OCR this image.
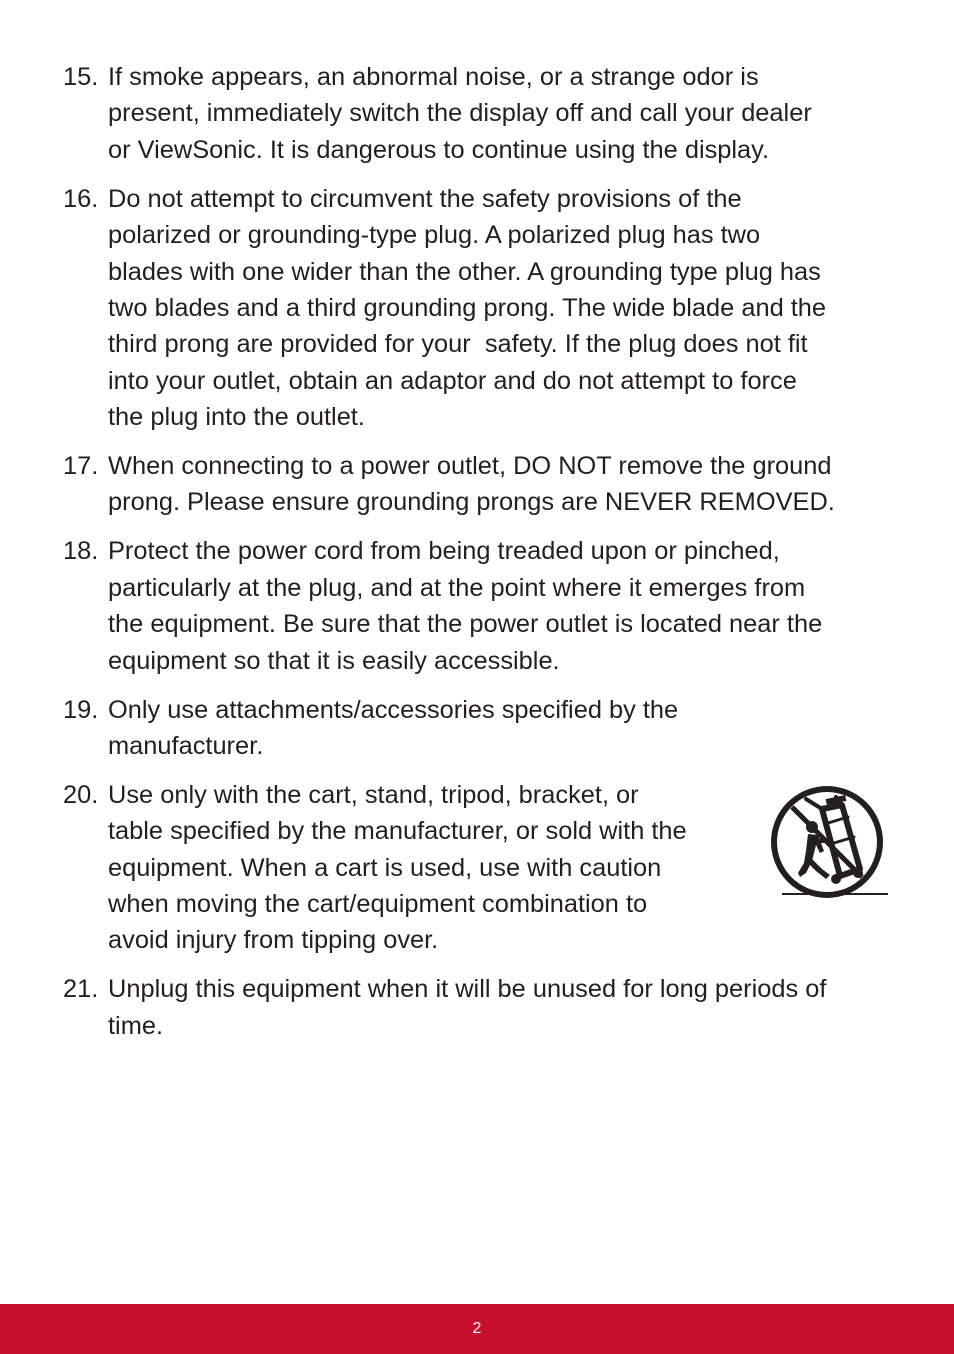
15. If smoke appears, an abnormal noise, or a strange odor is
present, immediately switch the display off and call your dealer
or ViewSonic. It is dangerous to continue using the display.
16. Do not attempt to circumvent the safety provisions of the
polarized or grounding-type plug. A polarized plug has two
blades with one wider than the other. A grounding type plug has
two blades and a third grounding prong. The wide blade and the
third prong are provided for your  safety. If the plug does not fit
into your outlet, obtain an adaptor and do not attempt to force
the plug into the outlet.
17. When connecting to a power outlet, DO NOT remove the ground
prong. Please ensure grounding prongs are NEVER REMOVED.
18. Protect the power cord from being treaded upon or pinched,
particularly at the plug, and at the point where it emerges from
the equipment. Be sure that the power outlet is located near the
equipment so that it is easily accessible.
19. Only use attachments/accessories specified by the
manufacturer.
20. Use only with the cart, stand, tripod, bracket, or
table specified by the manufacturer, or sold with the
equipment. When a cart is used, use with caution
when moving the cart/equipment combination to
avoid injury from tipping over.
21. Unplug this equipment when it will be unused for long periods of
time.
2
